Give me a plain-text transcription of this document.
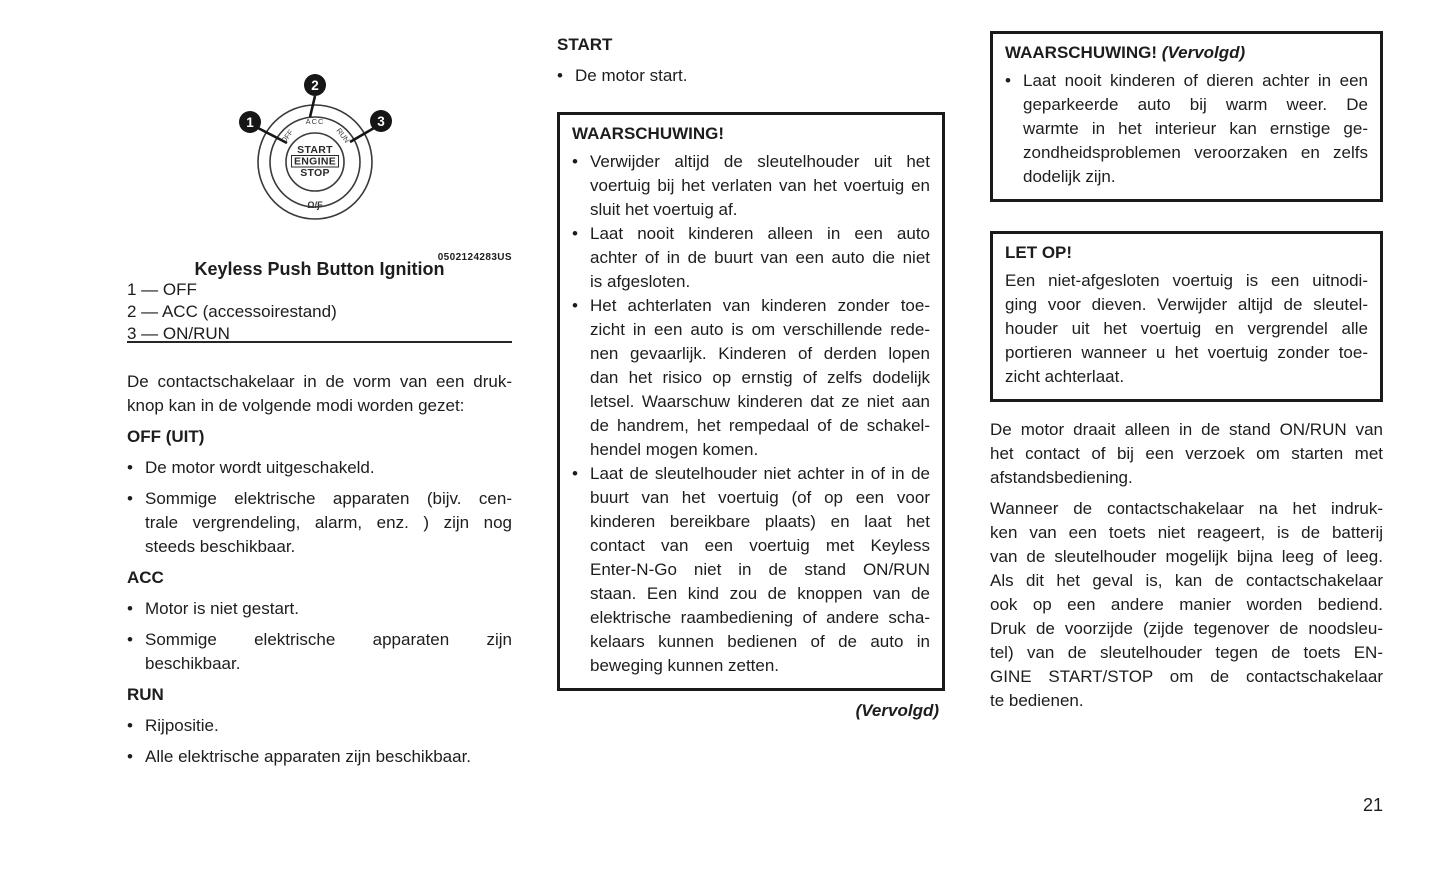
ACC
OFF	RUN
Ω/Ƒ
START
ENGINE
STOP
1
2
3
0502124283US
Keyless Push Button Ignition
1 — OFF
2 — ACC (accessoirestand)
3 — ON/RUN
De contactschakelaar in de vorm van een druk-
knop kan in de volgende modi worden gezet:
OFF (UIT)
• De motor wordt uitgeschakeld.
• Sommige elektrische apparaten (bijv. cen-
trale vergrendeling, alarm, enz. ) zijn nog
steeds beschikbaar.
ACC
• Motor is niet gestart.
• Sommige elektrische apparaten zijn
beschikbaar.
RUN
• Rijpositie.
• Alle elektrische apparaten zijn beschikbaar.
START
• De motor start.
WAARSCHUWING!
• Verwijder altijd de sleutelhouder uit het
voertuig bij het verlaten van het voertuig en
sluit het voertuig af.
• Laat nooit kinderen alleen in een auto
achter of in de buurt van een auto die niet
is afgesloten.
• Het achterlaten van kinderen zonder toe-
zicht in een auto is om verschillende rede-
nen gevaarlijk. Kinderen of derden lopen
dan het risico op ernstig of zelfs dodelijk
letsel. Waarschuw kinderen dat ze niet aan
de handrem, het rempedaal of de schakel-
hendel mogen komen.
• Laat de sleutelhouder niet achter in of in de
buurt van het voertuig (of op een voor
kinderen bereikbare plaats) en laat het
contact van een voertuig met Keyless
Enter-N-Go niet in de stand ON/RUN
staan. Een kind zou de knoppen van de
elektrische raambediening of andere scha-
kelaars kunnen bedienen of de auto in
beweging kunnen zetten.
(Vervolgd)
WAARSCHUWING! (Vervolgd)
• Laat nooit kinderen of dieren achter in een
geparkeerde auto bij warm weer. De
warmte in het interieur kan ernstige ge-
zondheidsproblemen veroorzaken en zelfs
dodelijk zijn.
LET OP!
Een niet-afgesloten voertuig is een uitnodi-
ging voor dieven. Verwijder altijd de sleutel-
houder uit het voertuig en vergrendel alle
portieren wanneer u het voertuig zonder toe-
zicht achterlaat.
De motor draait alleen in de stand ON/RUN van
het contact of bij een verzoek om starten met
afstandsbediening.
Wanneer de contactschakelaar na het indruk-
ken van een toets niet reageert, is de batterij
van de sleutelhouder mogelijk bijna leeg of leeg.
Als dit het geval is, kan de contactschakelaar
ook op een andere manier worden bediend.
Druk de voorzijde (zijde tegenover de noodsleu-
tel) van de sleutelhouder tegen de toets EN-
GINE START/STOP om de contactschakelaar
te bedienen.
21
